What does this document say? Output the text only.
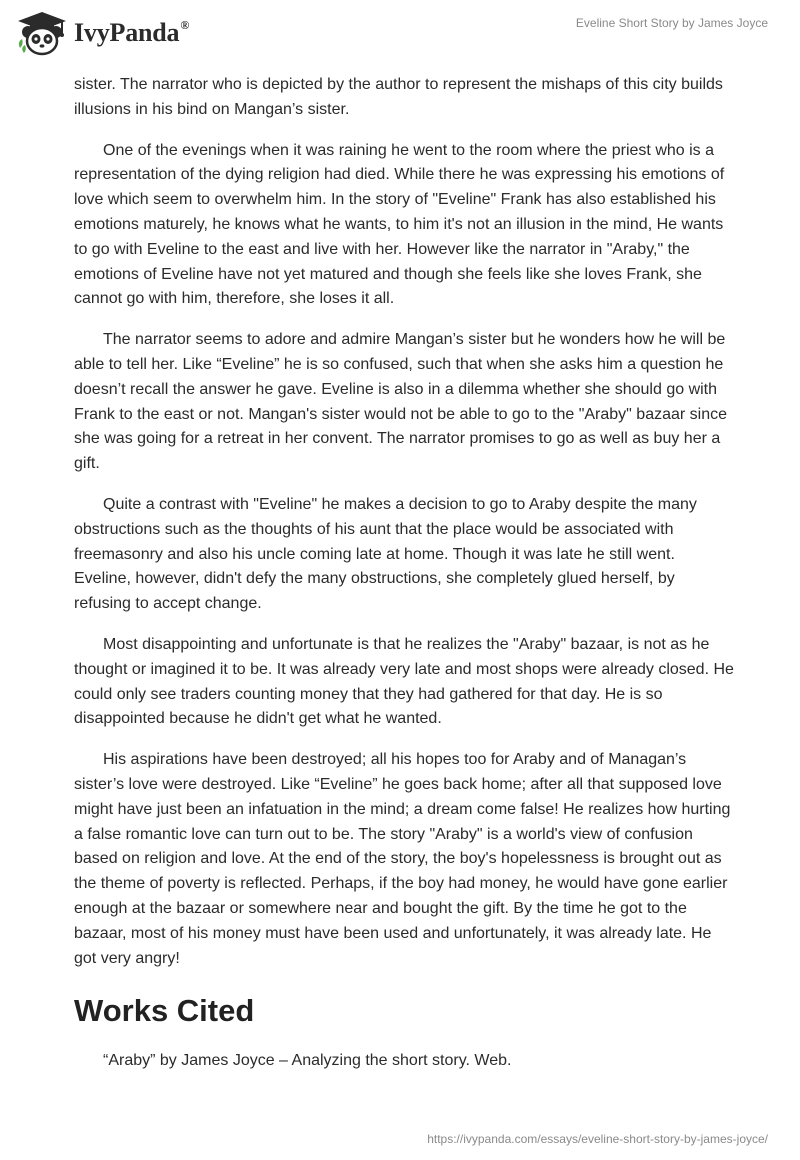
IvyPanda®	Eveline Short Story by James Joyce

sister. The narrator who is depicted by the author to represent the mishaps of this city builds illusions in his bind on Mangan’s sister.

One of the evenings when it was raining he went to the room where the priest who is a representation of the dying religion had died. While there he was expressing his emotions of love which seem to overwhelm him. In the story of "Eveline" Frank has also established his emotions maturely, he knows what he wants, to him it's not an illusion in the mind, He wants to go with Eveline to the east and live with her. However like the narrator in "Araby," the emotions of Eveline have not yet matured and though she feels like she loves Frank, she cannot go with him, therefore, she loses it all.

The narrator seems to adore and admire Mangan’s sister but he wonders how he will be able to tell her. Like “Eveline” he is so confused, such that when she asks him a question he doesn’t recall the answer he gave. Eveline is also in a dilemma whether she should go with Frank to the east or not. Mangan's sister would not be able to go to the "Araby" bazaar since she was going for a retreat in her convent. The narrator promises to go as well as buy her a gift.

Quite a contrast with "Eveline" he makes a decision to go to Araby despite the many obstructions such as the thoughts of his aunt that the place would be associated with freemasonry and also his uncle coming late at home. Though it was late he still went. Eveline, however, didn't defy the many obstructions, she completely glued herself, by refusing to accept change.

Most disappointing and unfortunate is that he realizes the "Araby" bazaar, is not as he thought or imagined it to be. It was already very late and most shops were already closed. He could only see traders counting money that they had gathered for that day. He is so disappointed because he didn't get what he wanted.

His aspirations have been destroyed; all his hopes too for Araby and of Managan’s sister’s love were destroyed. Like “Eveline” he goes back home; after all that supposed love might have just been an infatuation in the mind; a dream come false! He realizes how hurting a false romantic love can turn out to be. The story "Araby" is a world's view of confusion based on religion and love. At the end of the story, the boy's hopelessness is brought out as the theme of poverty is reflected. Perhaps, if the boy had money, he would have gone earlier enough at the bazaar or somewhere near and bought the gift. By the time he got to the bazaar, most of his money must have been used and unfortunately, it was already late. He got very angry!

Works Cited

“Araby” by James Joyce – Analyzing the short story. Web.

https://ivypanda.com/essays/eveline-short-story-by-james-joyce/
